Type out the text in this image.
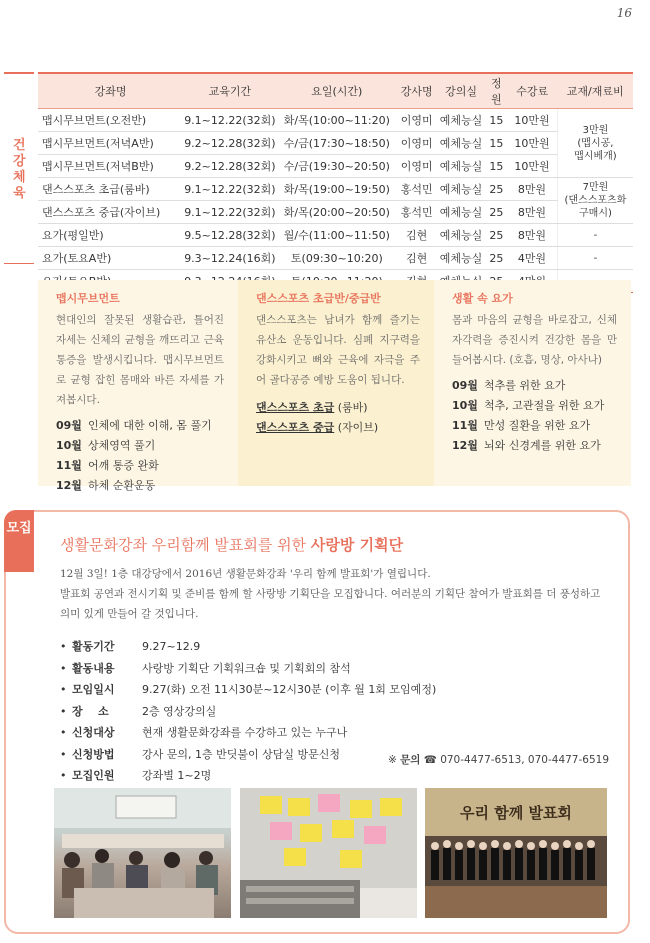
16
건강체육
강좌명	교육기간	요일(시간)	강사명	강의실	정원	수강료	교재/재료비
맵시무브먼트(오전반)	9.1~12.22(32회)	화/목(10:00~11:20)	이영미	예체능실	15	10만원	3만원
(맵시공,
맵시베개)

맵시무브먼트(저녁A반)	9.2~12.28(32회)	수/금(17:30~18:50)	이영미	예체능실	15	10만원	
맵시무브먼트(저녁B반)	9.2~12.28(32회)	수/금(19:30~20:50)	이영미	예체능실	15	10만원	
댄스스포츠 초급(룸바)	9.1~12.22(32회)	화/목(19:00~19:50)	홍석민	예체능실	25	8만원	7만원
(댄스스포츠화
구매시)

댄스스포츠 중급(자이브)	9.1~12.22(32회)	화/목(20:00~20:50)	홍석민	예체능실	25	8만원	
요가(평일반)	9.5~12.28(32회)	월/수(11:00~11:50)	김현	예체능실	25	8만원	-
요가(토요A반)	9.3~12.24(16회)	토(09:30~10:20)	김현	예체능실	25	4만원	-

맵시무브먼트
현대인의 잘못된 생활습관, 틀어진 자세는 신체의 균형을 깨뜨리고 근육 통증을 발생시킵니다. 맵시무브먼트로 균형 잡힌 몸매와 바른 자세를 가져봅시다.
09월 인체에 대한 이해, 몸 풀기
10월 상체영역 풀기
11월 어깨 통증 완화
12월 하체 순환운동
댄스스포츠 초급반/중급반
댄스스포츠는 남녀가 함께 즐기는 유산소 운동입니다. 심폐 지구력을 강화시키고 뼈와 근육에 자극을 주어 골다공증 예방 도움이 됩니다.
댄스스포츠 초급 (룸바)
댄스스포츠 중급 (자이브)
생활 속 요가
몸과 마음의 균형을 바로잡고, 신체 자각력을 증진시켜 건강한 몸을 만들어봅시다. (호흡, 명상, 아사나)
09월 척추를 위한 요가
10월 척추, 고관절을 위한 요가
11월 만성 질환을 위한 요가
12월 뇌와 신경계를 위한 요가
모집
생활문화강좌 우리함께 발표회를 위한 사랑방 기획단
12월 3일! 1층 대강당에서 2016년 생활문화강좌 '우리 함께 발표회'가 열립니다.
발표회 공연과 전시기획 및 준비를 함께 할 사랑방 기획단을 모집합니다. 여러분의 기획단 참여가 발표회를 더 풍성하고
의미 있게 만들어 갈 것입니다.
• 활동기간	9.27~12.9
• 활동내용	사랑방 기획단 기획워크숍 및 기획회의 참석
• 모임일시	9.27(화) 오전 11시30분~12시30분 (이후 월 1회 모임예정)
• 장    소	2층 영상강의실
• 신청대상	현재 생활문화강좌를 수강하고 있는 누구나
• 신청방법	강사 문의, 1층 반딧불이 상담실 방문신청
• 모집인원	강좌별 1~2명
※ 문의 ☎ 070-4477-6513, 070-4477-6519
우리 함께 발표회
